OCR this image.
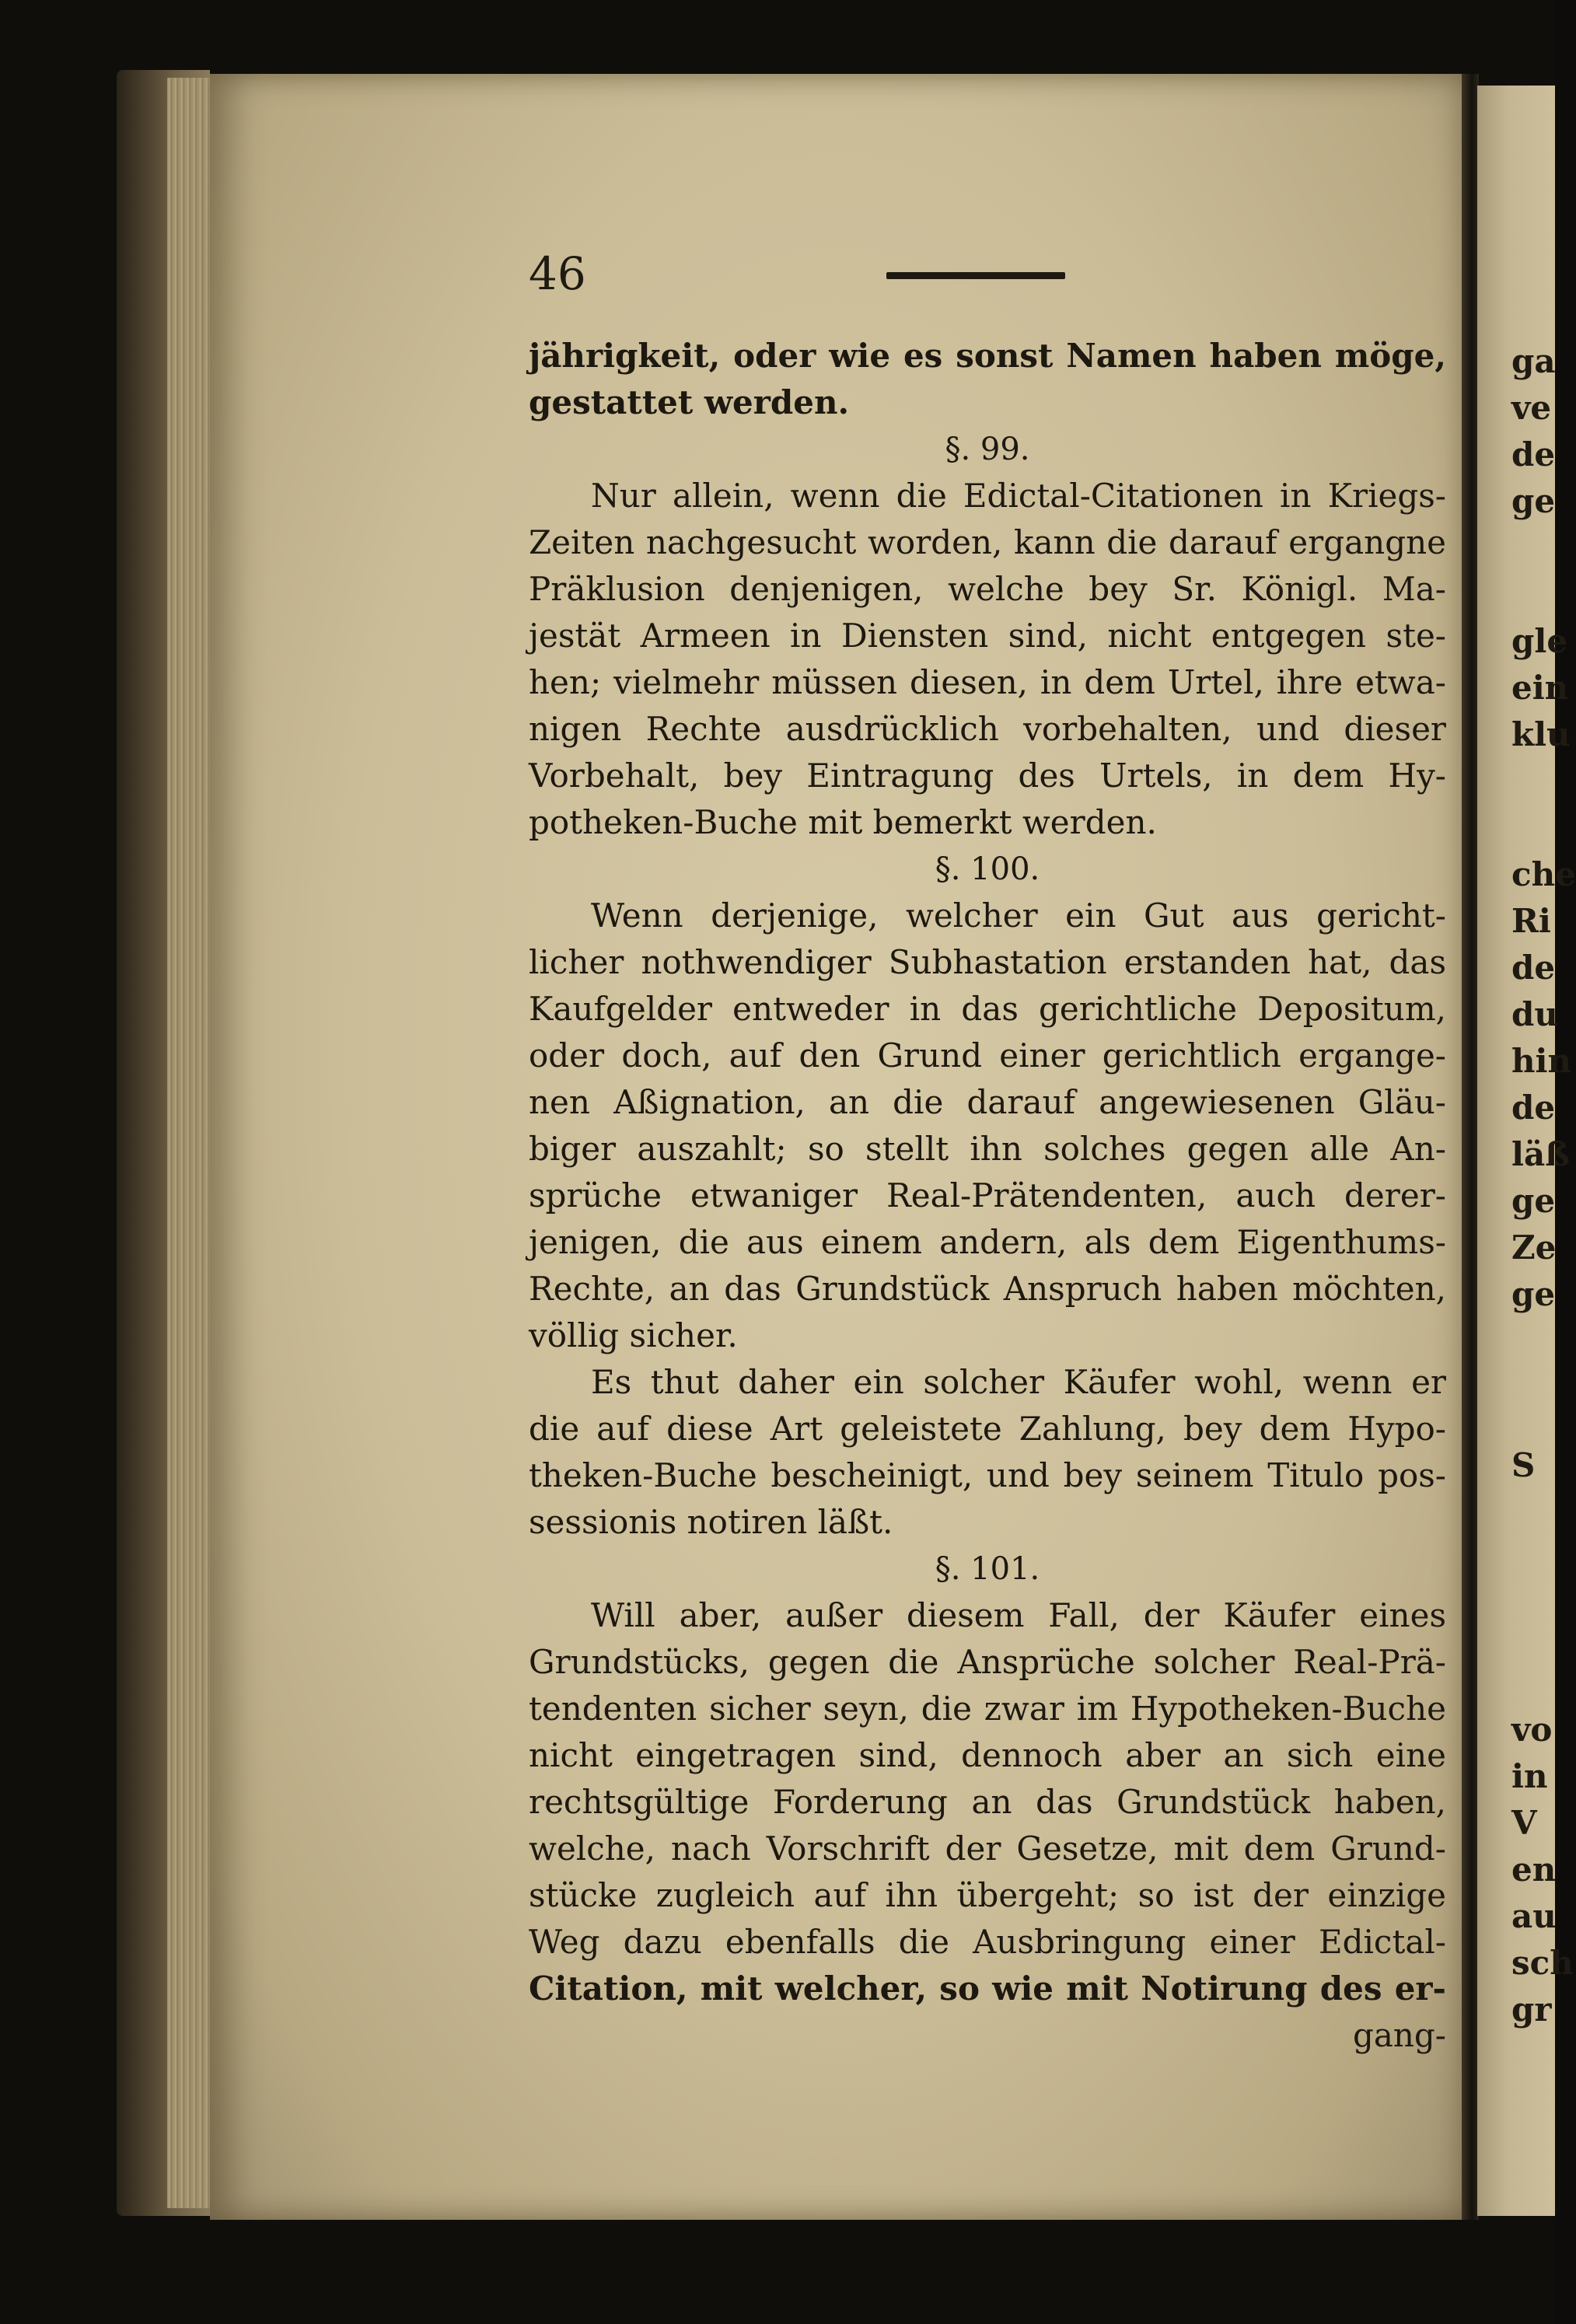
46
jährigkeit, oder wie es sonst Namen haben möge,
gestattet werden.
§. 99.
Nur allein, wenn die Edictal-Citationen in Kriegs-
Zeiten nachgesucht worden, kann die darauf ergangne
Präklusion denjenigen, welche bey Sr. Königl. Ma-
jestät Armeen in Diensten sind, nicht entgegen ste-
hen; vielmehr müssen diesen, in dem Urtel, ihre etwa-
nigen Rechte ausdrücklich vorbehalten, und dieser
Vorbehalt, bey Eintragung des Urtels, in dem Hy-
potheken-Buche mit bemerkt werden.
§. 100.
Wenn derjenige, welcher ein Gut aus gericht-
licher nothwendiger Subhastation erstanden hat, das
Kaufgelder entweder in das gerichtliche Depositum,
oder doch, auf den Grund einer gerichtlich ergange-
nen Aßignation, an die darauf angewiesenen Gläu-
biger auszahlt; so stellt ihn solches gegen alle An-
sprüche etwaniger Real-Prätendenten, auch derer-
jenigen, die aus einem andern, als dem Eigenthums-
Rechte, an das Grundstück Anspruch haben möchten,
völlig sicher.
Es thut daher ein solcher Käufer wohl, wenn er
die auf diese Art geleistete Zahlung, bey dem Hypo-
theken-Buche bescheinigt, und bey seinem Titulo pos-
sessionis notiren läßt.
§. 101.
Will aber, außer diesem Fall, der Käufer eines
Grundstücks, gegen die Ansprüche solcher Real-Prä-
tendenten sicher seyn, die zwar im Hypotheken-Buche
nicht eingetragen sind, dennoch aber an sich eine
rechtsgültige Forderung an das Grundstück haben,
welche, nach Vorschrift der Gesetze, mit dem Grund-
stücke zugleich auf ihn übergeht; so ist der einzige
Weg dazu ebenfalls die Ausbringung einer Edictal-
Citation, mit welcher, so wie mit Notirung des er-
gang-
ga
ve
de
ge
gle
ein
klu
che
Ri
de
du
hin
de
läß
ge
Ze
ge
S
vo
in
V
en
au
sch
gr
